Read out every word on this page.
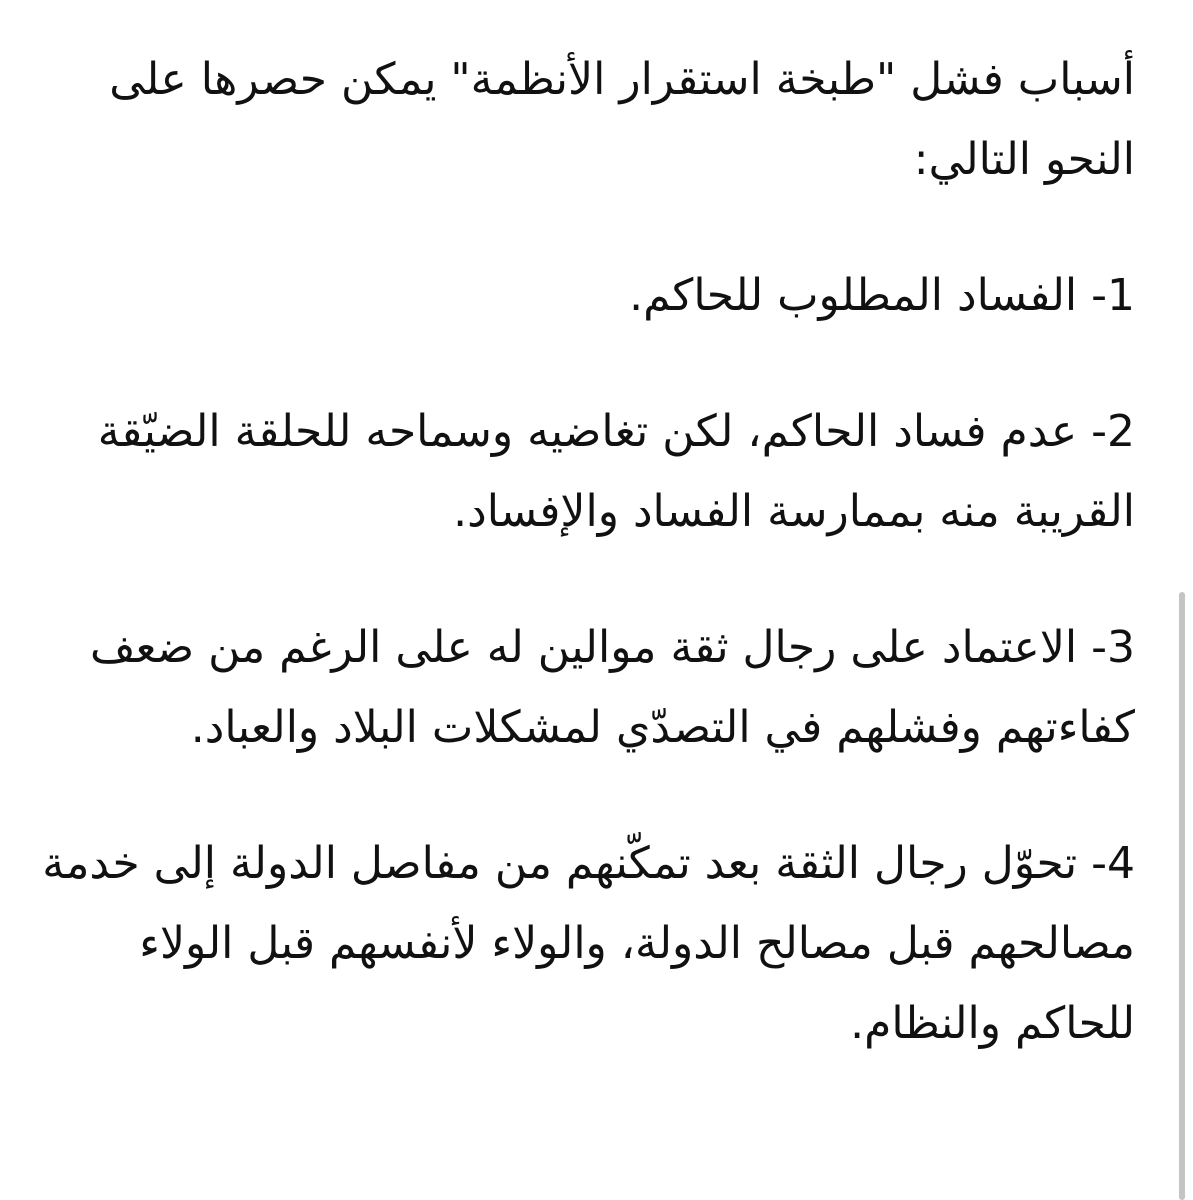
أسباب فشل "طبخة استقرار الأنظمة" يمكن حصرها على النحو التالي:

1- الفساد المطلوب للحاكم.

2- عدم فساد الحاكم، لكن تغاضيه وسماحه للحلقة الضيّقة القريبة منه بممارسة الفساد والإفساد.

3- الاعتماد على رجال ثقة موالين له على الرغم من ضعف كفاءتهم وفشلهم في التصدّي لمشكلات البلاد والعباد.

4- تحوّل رجال الثقة بعد تمكّنهم من مفاصل الدولة إلى خدمة مصالحهم قبل مصالح الدولة، والولاء لأنفسهم قبل الولاء للحاكم والنظام.
